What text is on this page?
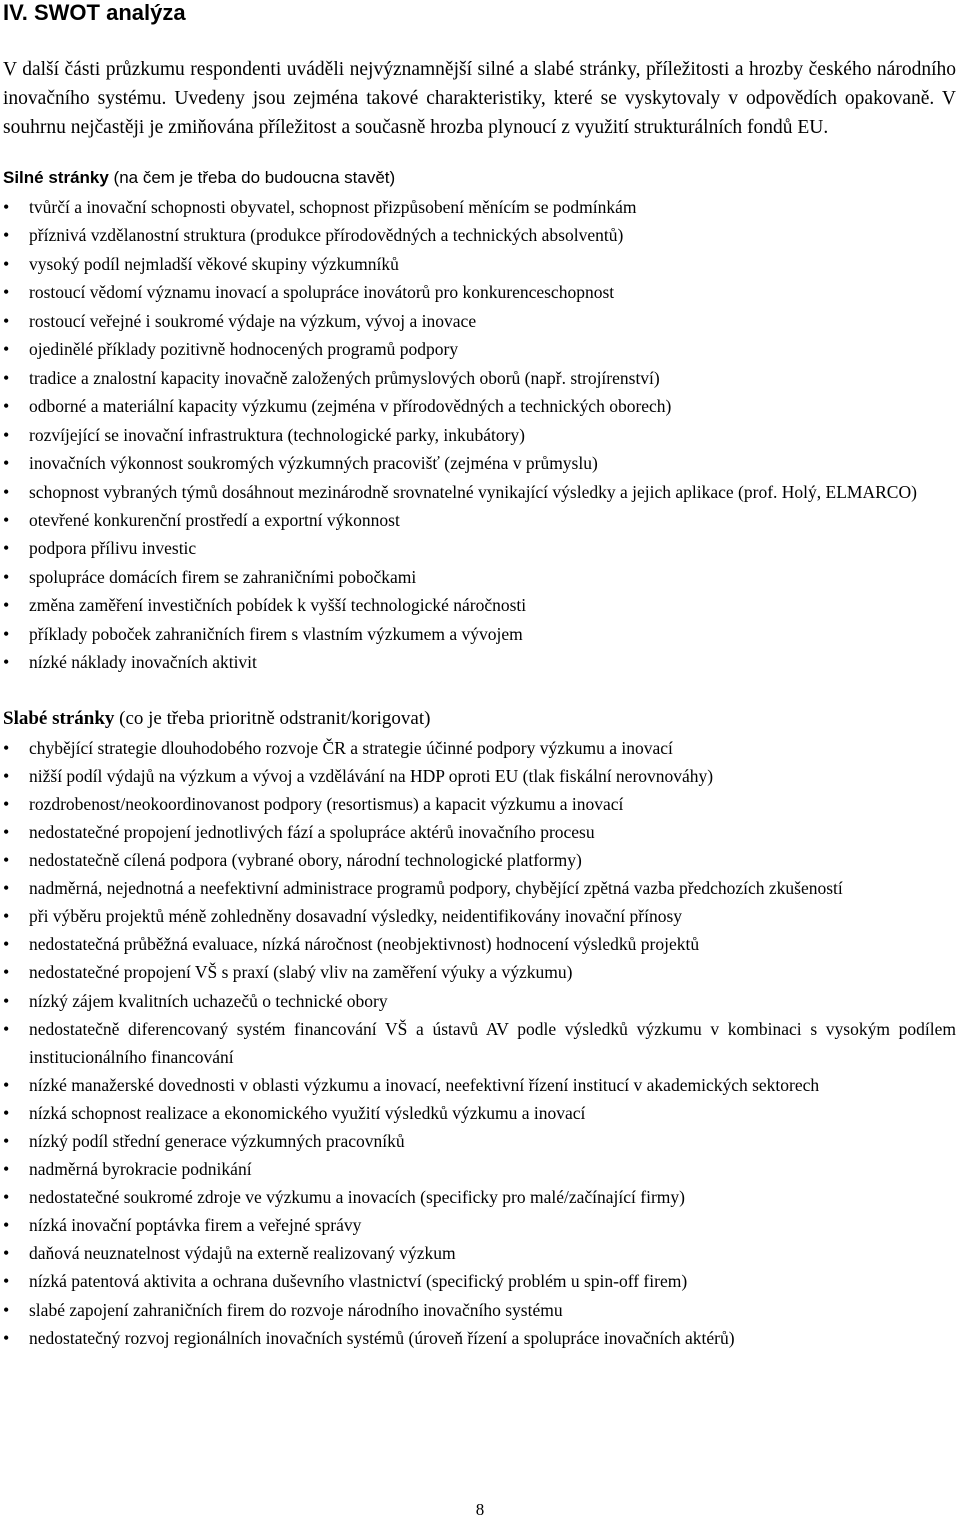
IV. SWOT analýza

V další části průzkumu respondenti uváděli nejvýznamnější silné a slabé stránky, příležitosti a hrozby českého národního inovačního systému. Uvedeny jsou zejména takové charakteristiky, které se vyskytovaly v odpovědích opakovaně. V souhrnu nejčastěji je zmiňována příležitost a současně hrozba plynoucí z využití strukturálních fondů EU.

Silné stránky (na čem je třeba do budoucna stavět)

• tvůrčí a inovační schopnosti obyvatel, schopnost přizpůsobení měnícím se podmínkám
• příznivá vzdělanostní struktura (produkce přírodovědných a technických absolventů)
• vysoký podíl nejmladší věkové skupiny výzkumníků
• rostoucí vědomí významu inovací a spolupráce inovátorů pro konkurenceschopnost
• rostoucí veřejné i soukromé výdaje na výzkum, vývoj a inovace
• ojedinělé příklady pozitivně hodnocených programů podpory
• tradice a znalostní kapacity inovačně založených průmyslových oborů (např. strojírenství)
• odborné a materiální kapacity výzkumu (zejména v přírodovědných a technických oborech)
• rozvíjející se inovační infrastruktura (technologické parky, inkubátory)
• inovačních výkonnost soukromých výzkumných pracovišť (zejména v průmyslu)
• schopnost vybraných týmů dosáhnout mezinárodně srovnatelné vynikající výsledky a jejich aplikace (prof. Holý, ELMARCO)
• otevřené konkurenční prostředí a exportní výkonnost
• podpora přílivu investic
• spolupráce domácích firem se zahraničními pobočkami
• změna zaměření investičních pobídek k vyšší technologické náročnosti
• příklady poboček zahraničních firem s vlastním výzkumem a vývojem
• nízké náklady inovačních aktivit

Slabé stránky (co je třeba prioritně odstranit/korigovat)

• chybějící strategie dlouhodobého rozvoje ČR a strategie účinné podpory výzkumu a inovací
• nižší podíl výdajů na výzkum a vývoj a vzdělávání na HDP oproti EU (tlak fiskální nerovnováhy)
• rozdrobenost/neokoordinovanost podpory (resortismus) a kapacit výzkumu a inovací
• nedostatečné propojení jednotlivých fází a spolupráce aktérů inovačního procesu
• nedostatečně cílená podpora (vybrané obory, národní technologické platformy)
• nadměrná, nejednotná a neefektivní administrace programů podpory, chybějící zpětná vazba předchozích zkušeností
• při výběru projektů méně zohledněny dosavadní výsledky, neidentifikovány inovační přínosy
• nedostatečná průběžná evaluace, nízká náročnost (neobjektivnost) hodnocení výsledků projektů
• nedostatečné propojení VŠ s praxí (slabý vliv na zaměření výuky a výzkumu)
• nízký zájem kvalitních uchazečů o technické obory
• nedostatečně diferencovaný systém financování VŠ a ústavů AV podle výsledků výzkumu v kombinaci s vysokým podílem institucionálního financování
• nízké manažerské dovednosti v oblasti výzkumu a inovací, neefektivní řízení institucí v akademických sektorech
• nízká schopnost realizace a ekonomického využití výsledků výzkumu a inovací
• nízký podíl střední generace výzkumných pracovníků
• nadměrná byrokracie podnikání
• nedostatečné soukromé zdroje ve výzkumu a inovacích (specificky pro malé/začínající firmy)
• nízká inovační poptávka firem a veřejné správy
• daňová neuznatelnost výdajů na externě realizovaný výzkum
• nízká patentová aktivita a ochrana duševního vlastnictví (specifický problém u spin-off firem)
• slabé zapojení zahraničních firem do rozvoje národního inovačního systému
• nedostatečný rozvoj regionálních inovačních systémů (úroveň řízení a spolupráce inovačních aktérů)
8
